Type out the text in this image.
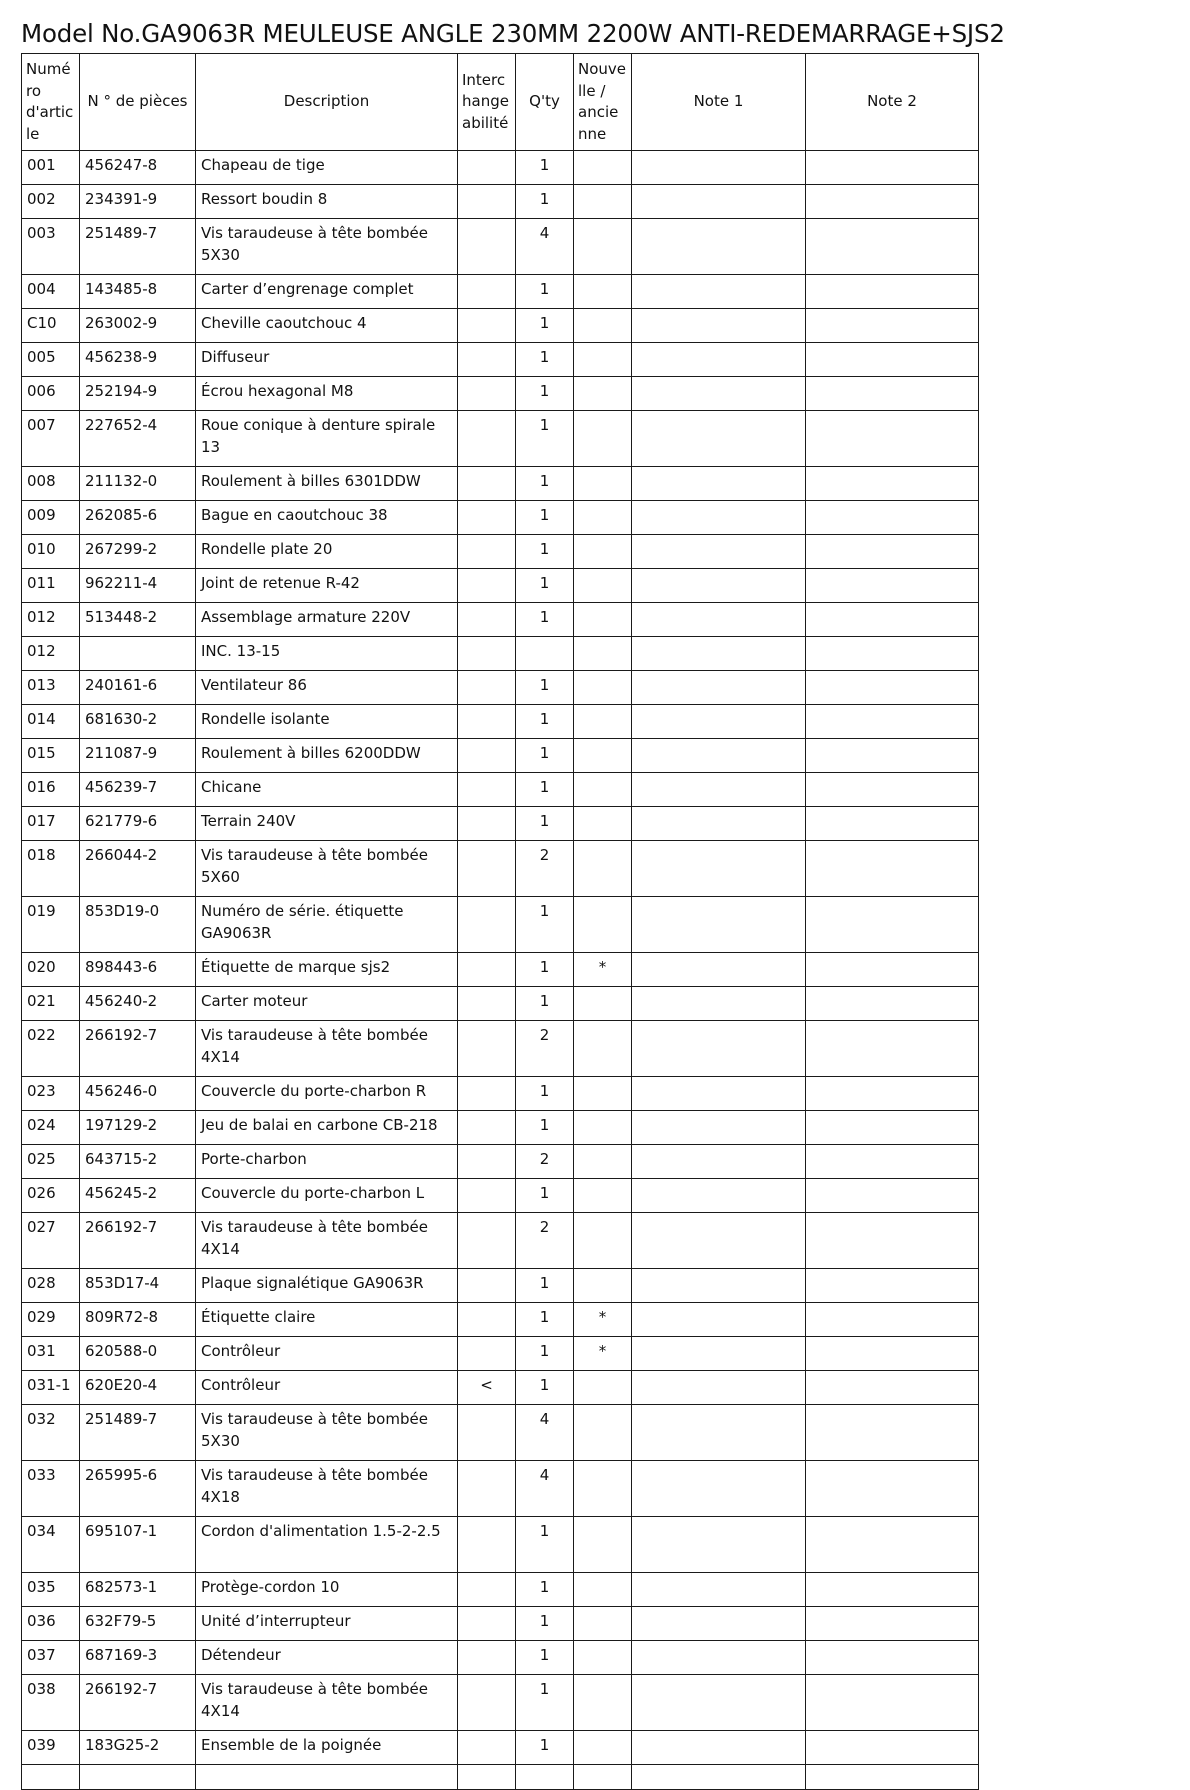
Model No.GA9063R MEULEUSE ANGLE 230MM 2200W ANTI-REDEMARRAGE+SJS2
Numéro d'article	N ° de pièces	Description	Interchangeabilité	Q'ty	Nouvelle / ancienne	Note 1	Note 2
001	456247-8	Chapeau de tige		1			
002	234391-9	Ressort boudin 8		1			
003	251489-7	Vis taraudeuse à tête bombée 5X30		4			
004	143485-8	Carter d’engrenage complet		1			
C10	263002-9	Cheville caoutchouc 4		1			
005	456238-9	Diffuseur		1			
006	252194-9	Écrou hexagonal M8		1			
007	227652-4	Roue conique à denture spirale 13		1			
008	211132-0	Roulement à billes 6301DDW		1			
009	262085-6	Bague en caoutchouc 38		1			
010	267299-2	Rondelle plate 20		1			
011	962211-4	Joint de retenue R-42		1			
012	513448-2	Assemblage armature 220V		1			
012		INC. 13-15					
013	240161-6	Ventilateur 86		1			
014	681630-2	Rondelle isolante		1			
015	211087-9	Roulement à billes 6200DDW		1			
016	456239-7	Chicane		1			
017	621779-6	Terrain 240V		1			
018	266044-2	Vis taraudeuse à tête bombée 5X60		2			
019	853D19-0	Numéro de série. étiquette GA9063R		1			
020	898443-6	Étiquette de marque sjs2		1	*		
021	456240-2	Carter moteur		1			
022	266192-7	Vis taraudeuse à tête bombée 4X14		2			
023	456246-0	Couvercle du porte-charbon R		1			
024	197129-2	Jeu de balai en carbone CB-218		1			
025	643715-2	Porte-charbon		2			
026	456245-2	Couvercle du porte-charbon L		1			
027	266192-7	Vis taraudeuse à tête bombée 4X14		2			
028	853D17-4	Plaque signalétique GA9063R		1			
029	809R72-8	Étiquette claire		1	*		
031	620588-0	Contrôleur		1	*		
031-1	620E20-4	Contrôleur	<	1			
032	251489-7	Vis taraudeuse à tête bombée 5X30		4			
033	265995-6	Vis taraudeuse à tête bombée 4X18		4			
034	695107-1	Cordon d'alimentation 1.5-2-2.5		1			
035	682573-1	Protège-cordon 10		1			
036	632F79-5	Unité d’interrupteur		1			
037	687169-3	Détendeur		1			
038	266192-7	Vis taraudeuse à tête bombée 4X14		1			
039	183G25-2	Ensemble de la poignée		1			
